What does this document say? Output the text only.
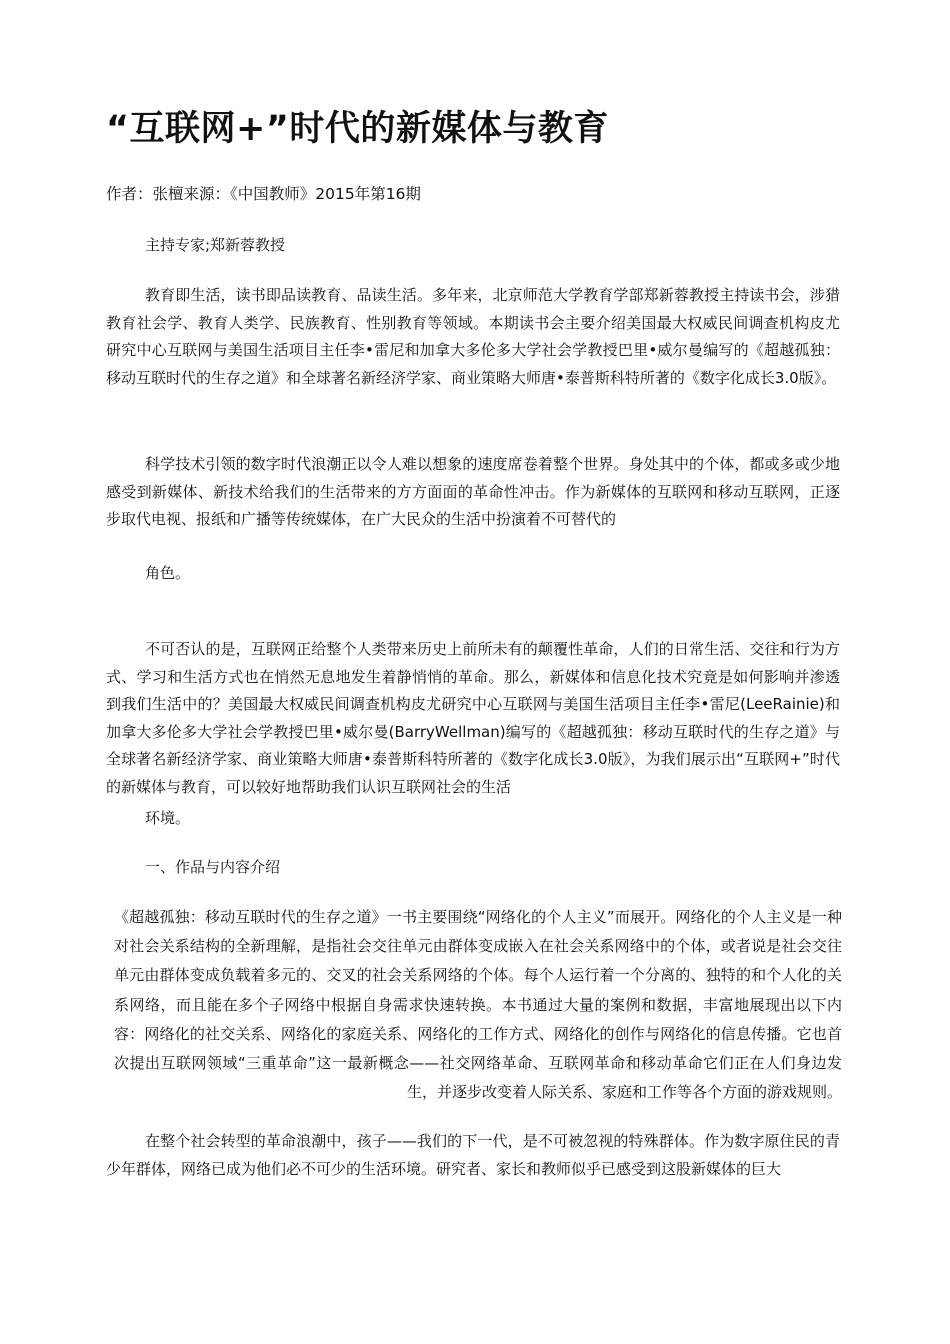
“互联网+”时代的新媒体与教育
作者：张檀来源：《中国教师》2015年第16期
主持专家;郑新蓉教授

教育即生活，读书即品读教育、品读生活。多年来，北京师范大学教育学部郑新蓉教授主持读书会，涉猎教育社会学、教育人类学、民族教育、性别教育等领域。本期读书会主要介绍美国最大权威民间调查机构皮尤研究中心互联网与美国生活项目主任李•雷尼和加拿大多伦多大学社会学教授巴里•威尔曼编写的《超越孤独：移动互联时代的生存之道》和全球著名新经济学家、商业策略大师唐•泰普斯科特所著的《数字化成长3.0版》。

科学技术引领的数字时代浪潮正以令人难以想象的速度席卷着整个世界。身处其中的个体，都或多或少地感受到新媒体、新技术给我们的生活带来的方方面面的革命性冲击。作为新媒体的互联网和移动互联网，正逐步取代电视、报纸和广播等传统媒体，在广大民众的生活中扮演着不可替代的

角色。

不可否认的是，互联网正给整个人类带来历史上前所未有的颠覆性革命，人们的日常生活、交往和行为方式、学习和生活方式也在悄然无息地发生着静悄悄的革命。那么，新媒体和信息化技术究竟是如何影响并渗透到我们生活中的？美国最大权威民间调查机构皮尤研究中心互联网与美国生活项目主任李•雷尼(LeeRainie)和加拿大多伦多大学社会学教授巴里•威尔曼(BarryWellman)编写的《超越孤独：移动互联时代的生存之道》与全球著名新经济学家、商业策略大师唐•泰普斯科特所著的《数字化成长3.0版》，为我们展示出“互联网+”时代的新媒体与教育，可以较好地帮助我们认识互联网社会的生活

环境。
一、作品与内容介绍

《超越孤独：移动互联时代的生存之道》一书主要围绕“网络化的个人主义”而展开。网络化的个人主义是一种对社会关系结构的全新理解，是指社会交往单元由群体变成嵌入在社会关系网络中的个体，或者说是社会交往单元由群体变成负载着多元的、交叉的社会关系网络的个体。每个人运行着一个分离的、独特的和个人化的关系网络，而且能在多个子网络中根据自身需求快速转换。本书通过大量的案例和数据，丰富地展现出以下内容：网络化的社交关系、网络化的家庭关系、网络化的工作方式、网络化的创作与网络化的信息传播。它也首次提出互联网领域“三重革命”这一最新概念——社交网络革命、互联网革命和移动革命它们正在人们身边发生，并逐步改变着人际关系、家庭和工作等各个方面的游戏规则。

在整个社会转型的革命浪潮中，孩子——我们的下一代，是不可被忽视的特殊群体。作为数字原住民的青少年群体，网络已成为他们必不可少的生活环境。研究者、家长和教师似乎已感受到这股新媒体的巨大
